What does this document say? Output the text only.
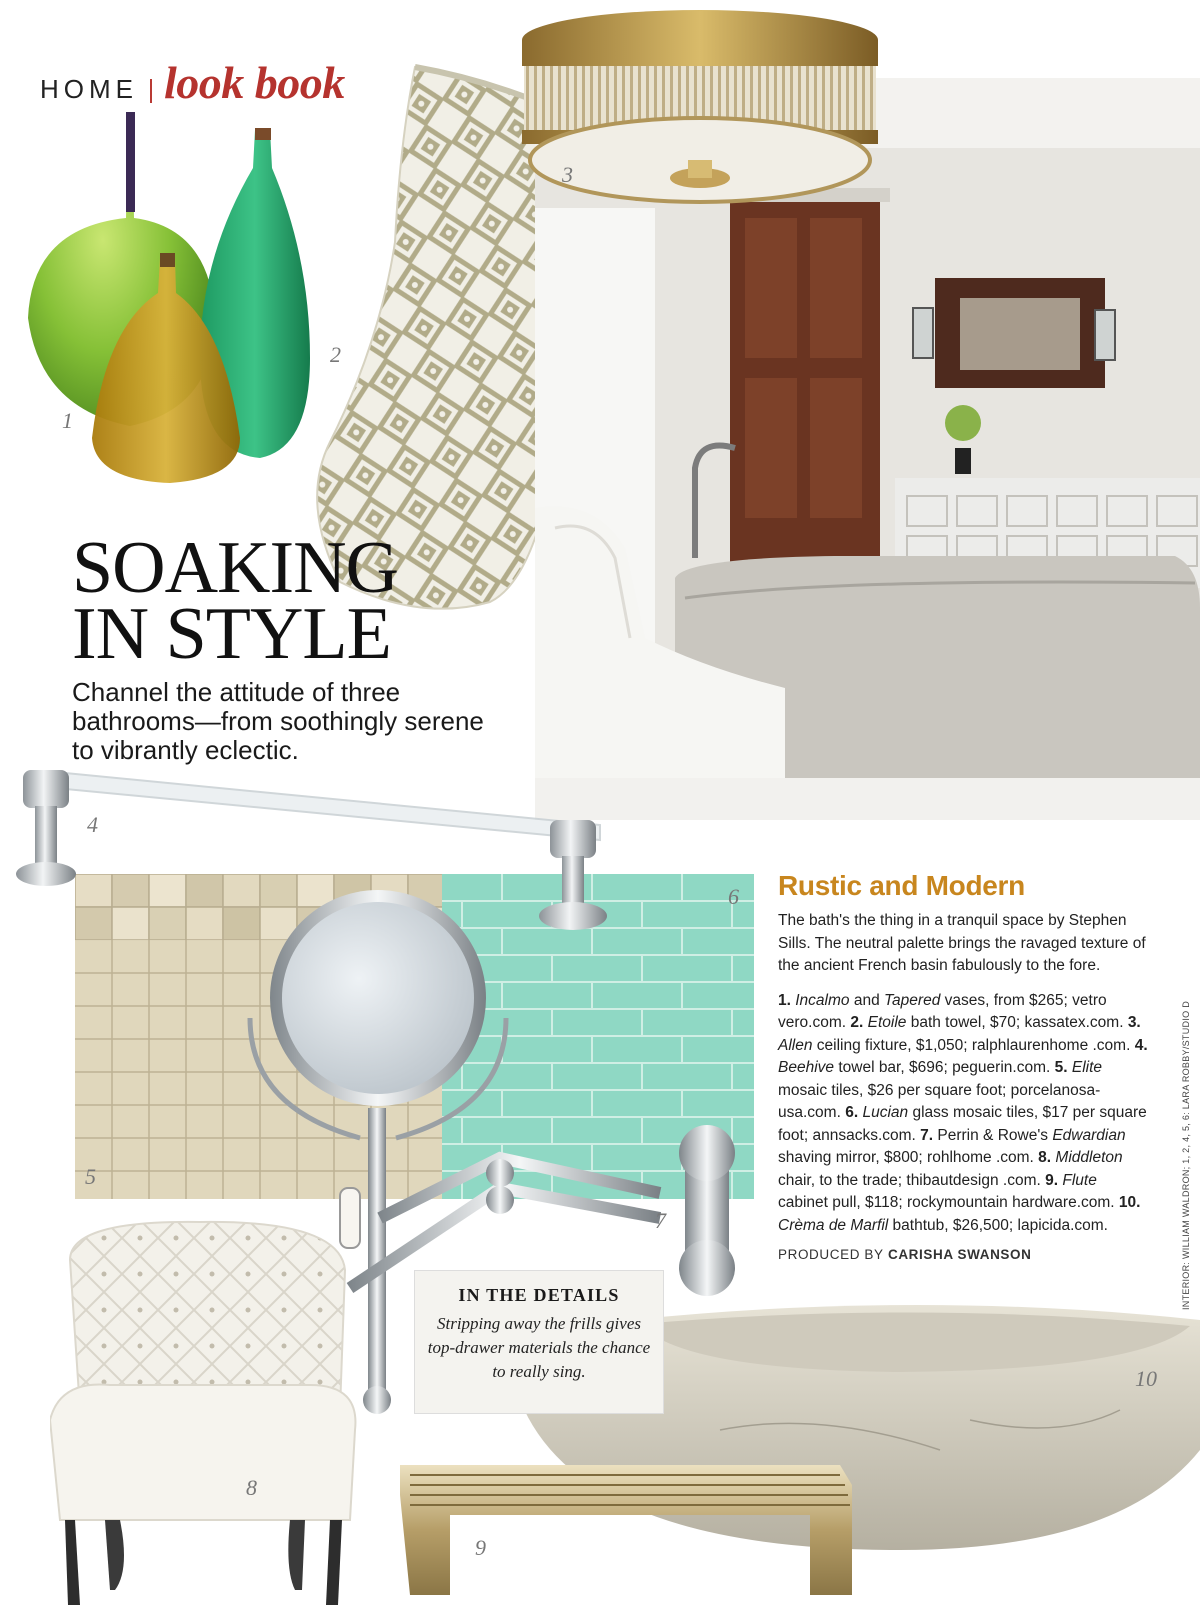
HOME look book
1
2
3
5
6
4
7
SOAKING
IN STYLE
Channel the attitude of three bathrooms—from soothingly serene to vibrantly eclectic.
8
10
9
IN THE DETAILS
Stripping away the frills gives top-drawer materials the chance to really sing.
Rustic and Modern
The bath's the thing in a tranquil space by Stephen Sills. The neutral palette brings the ravaged texture of the ancient French basin fabulously to the fore.
1. Incalmo and Tapered vases, from $265; vetro vero.com. 2. Etoile bath towel, $70; kassatex.com. 3. Allen ceiling fixture, $1,050; ralphlaurenhome .com. 4. Beehive towel bar, $696; peguerin.com. 5. Elite mosaic tiles, $26 per square foot; porcelanosa-usa.com. 6. Lucian glass mosaic tiles, $17 per square foot; annsacks.com. 7. Perrin & Rowe's Edwardian shaving mirror, $800; rohlhome .com. 8. Middleton chair, to the trade; thibautdesign .com. 9. Flute cabinet pull, $118; rockymountain hardware.com. 10. Crèma de Marfil bathtub, $26,500; lapicida.com.
PRODUCED BY CARISHA SWANSON	INTERIOR: WILLIAM WALDRON; 1, 2, 4, 5, 6: LARA ROBBY/STUDIO D
